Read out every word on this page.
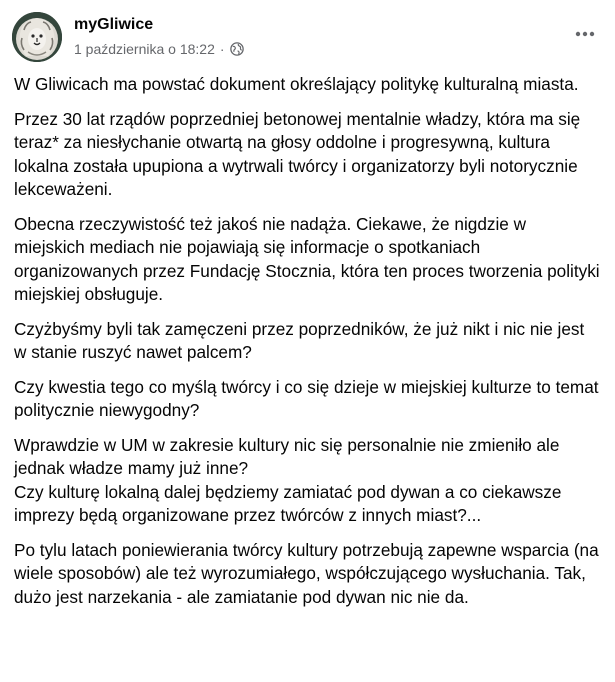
myGliwice
1 października o 18:22 ·

W Gliwicach ma powstać dokument określający politykę kulturalną miasta.

Przez 30 lat rządów poprzedniej betonowej mentalnie władzy, która ma się teraz* za niesłychanie otwartą na głosy oddolne i progresywną, kultura lokalna została upupiona a wytrwali twórcy i organizatorzy byli notorycznie lekceważeni.

Obecna rzeczywistość też jakoś nie nadąża. Ciekawe, że nigdzie w miejskich mediach nie pojawiają się informacje o spotkaniach organizowanych przez Fundację Stocznia, która ten proces tworzenia polityki miejskiej obsługuje.

Czyżbyśmy byli tak zamęczeni przez poprzedników, że już nikt i nic nie jest w stanie ruszyć nawet palcem?

Czy kwestia tego co myślą twórcy i co się dzieje w miejskiej kulturze to temat politycznie niewygodny?

Wprawdzie w UM w zakresie kultury nic się personalnie nie zmieniło ale jednak władze mamy już inne?
Czy kulturę lokalną dalej będziemy zamiatać pod dywan a co ciekawsze imprezy będą organizowane przez twórców z innych miast?...

Po tylu latach poniewierania twórcy kultury potrzebują zapewne wsparcia (na wiele sposobów) ale też wyrozumiałego, współczującego wysłuchania. Tak, dużo jest narzekania - ale zamiatanie pod dywan nic nie da.
